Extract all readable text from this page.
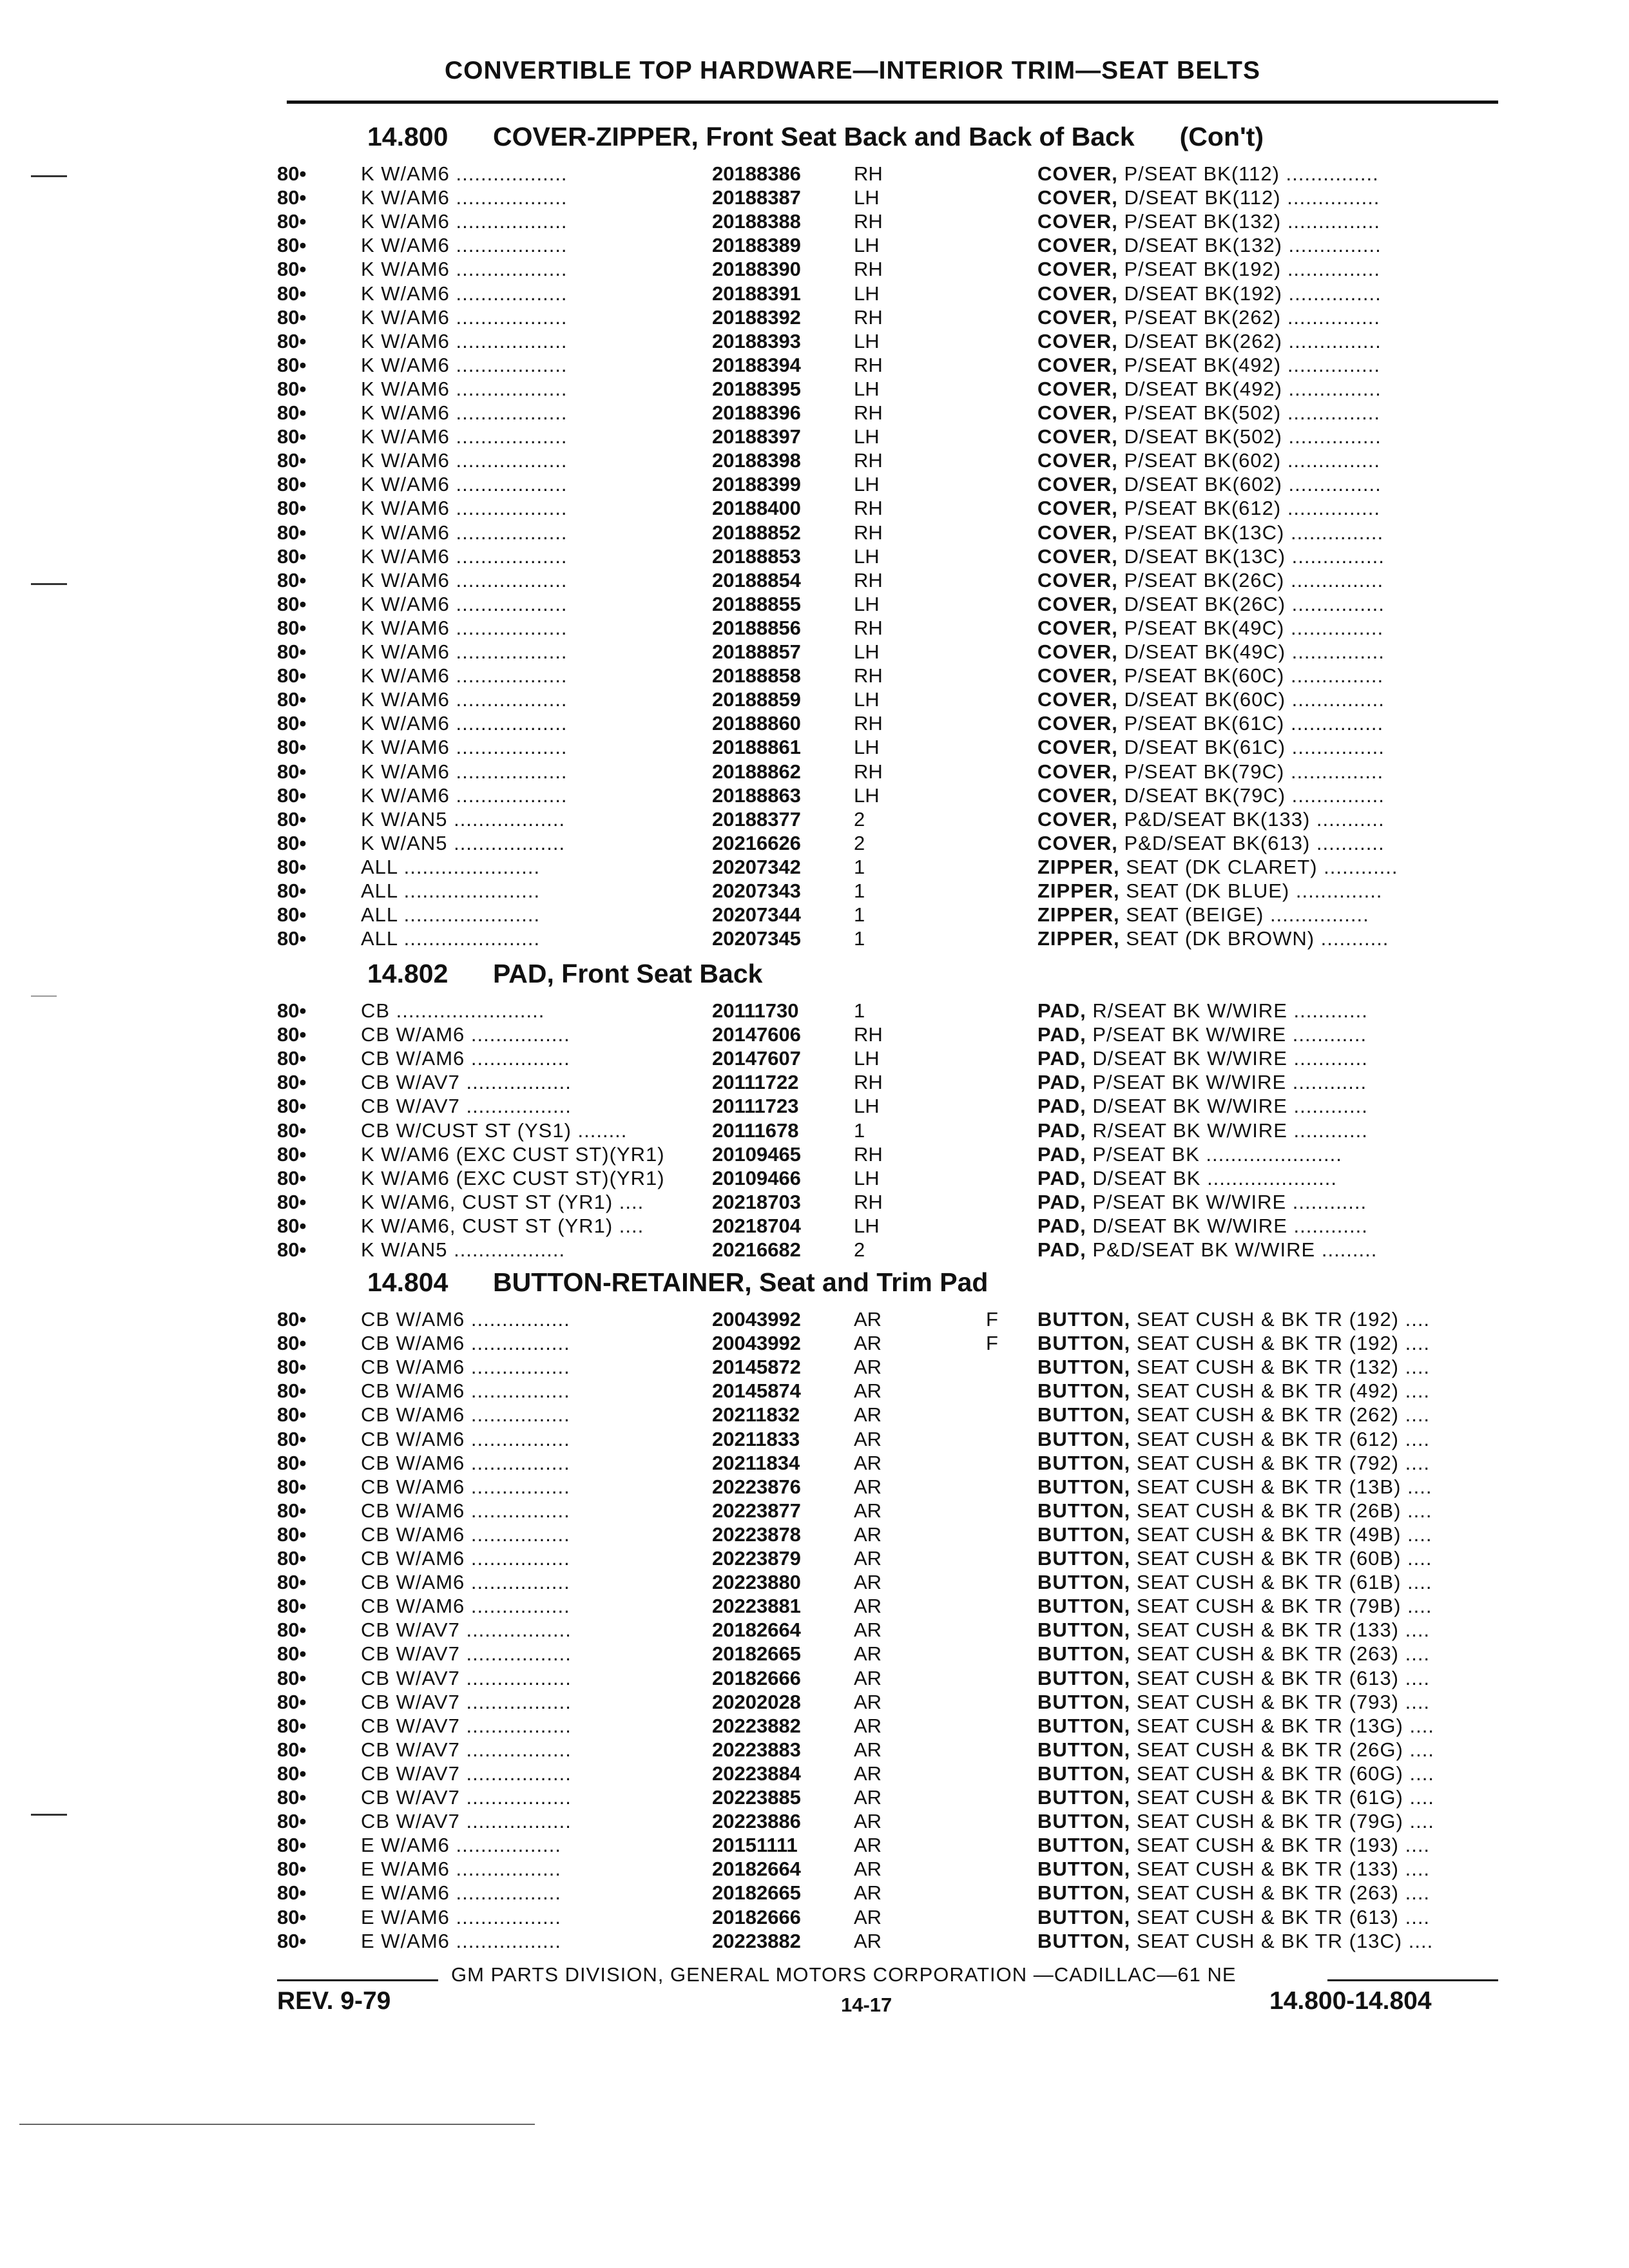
CONVERTIBLE TOP HARDWARE—INTERIOR TRIM—SEAT BELTS
14.800	COVER-ZIPPER, Front Seat Back and Back of Back (Con't)
80•	K W/AM6 ..................	20188386	RH	COVER, P/SEAT BK(112) ...............
80•	K W/AM6 ..................	20188387	LH	COVER, D/SEAT BK(112) ...............
80•	K W/AM6 ..................	20188388	RH	COVER, P/SEAT BK(132) ...............
80•	K W/AM6 ..................	20188389	LH	COVER, D/SEAT BK(132) ...............
80•	K W/AM6 ..................	20188390	RH	COVER, P/SEAT BK(192) ...............
80•	K W/AM6 ..................	20188391	LH	COVER, D/SEAT BK(192) ...............
80•	K W/AM6 ..................	20188392	RH	COVER, P/SEAT BK(262) ...............
80•	K W/AM6 ..................	20188393	LH	COVER, D/SEAT BK(262) ...............
80•	K W/AM6 ..................	20188394	RH	COVER, P/SEAT BK(492) ...............
80•	K W/AM6 ..................	20188395	LH	COVER, D/SEAT BK(492) ...............
80•	K W/AM6 ..................	20188396	RH	COVER, P/SEAT BK(502) ...............
80•	K W/AM6 ..................	20188397	LH	COVER, D/SEAT BK(502) ...............
80•	K W/AM6 ..................	20188398	RH	COVER, P/SEAT BK(602) ...............
80•	K W/AM6 ..................	20188399	LH	COVER, D/SEAT BK(602) ...............
80•	K W/AM6 ..................	20188400	RH	COVER, P/SEAT BK(612) ...............
80•	K W/AM6 ..................	20188852	RH	COVER, P/SEAT BK(13C) ...............
80•	K W/AM6 ..................	20188853	LH	COVER, D/SEAT BK(13C) ...............
80•	K W/AM6 ..................	20188854	RH	COVER, P/SEAT BK(26C) ...............
80•	K W/AM6 ..................	20188855	LH	COVER, D/SEAT BK(26C) ...............
80•	K W/AM6 ..................	20188856	RH	COVER, P/SEAT BK(49C) ...............
80•	K W/AM6 ..................	20188857	LH	COVER, D/SEAT BK(49C) ...............
80•	K W/AM6 ..................	20188858	RH	COVER, P/SEAT BK(60C) ...............
80•	K W/AM6 ..................	20188859	LH	COVER, D/SEAT BK(60C) ...............
80•	K W/AM6 ..................	20188860	RH	COVER, P/SEAT BK(61C) ...............
80•	K W/AM6 ..................	20188861	LH	COVER, D/SEAT BK(61C) ...............
80•	K W/AM6 ..................	20188862	RH	COVER, P/SEAT BK(79C) ...............
80•	K W/AM6 ..................	20188863	LH	COVER, D/SEAT BK(79C) ...............
80•	K W/AN5 ..................	20188377	2	COVER, P&D/SEAT BK(133) ...........
80•	K W/AN5 ..................	20216626	2	COVER, P&D/SEAT BK(613) ...........
80•	ALL ......................	20207342	1	ZIPPER, SEAT (DK CLARET) ............
80•	ALL ......................	20207343	1	ZIPPER, SEAT (DK BLUE) ..............
80•	ALL ......................	20207344	1	ZIPPER, SEAT (BEIGE) ................
80•	ALL ......................	20207345	1	ZIPPER, SEAT (DK BROWN) ...........
14.802	PAD, Front Seat Back
80•	CB ........................	20111730	1	PAD, R/SEAT BK W/WIRE ............
80•	CB W/AM6 ................	20147606	RH	PAD, P/SEAT BK W/WIRE ............
80•	CB W/AM6 ................	20147607	LH	PAD, D/SEAT BK W/WIRE ............
80•	CB W/AV7 .................	20111722	RH	PAD, P/SEAT BK W/WIRE ............
80•	CB W/AV7 .................	20111723	LH	PAD, D/SEAT BK W/WIRE ............
80•	CB W/CUST ST (YS1) ........	20111678	1	PAD, R/SEAT BK W/WIRE ............
80•	K W/AM6 (EXC CUST ST)(YR1)	20109465	RH	PAD, P/SEAT BK ......................
80•	K W/AM6 (EXC CUST ST)(YR1)	20109466	LH	PAD, D/SEAT BK .....................
80•	K W/AM6, CUST ST (YR1) ....	20218703	RH	PAD, P/SEAT BK W/WIRE ............
80•	K W/AM6, CUST ST (YR1) ....	20218704	LH	PAD, D/SEAT BK W/WIRE ............
80•	K W/AN5 ..................	20216682	2	PAD, P&D/SEAT BK W/WIRE .........
14.804	BUTTON-RETAINER, Seat and Trim Pad
80•	CB W/AM6 ................	20043992	AR	F BUTTON, SEAT CUSH & BK TR (192) ....
80•	CB W/AM6 ................	20043992	AR	F BUTTON, SEAT CUSH & BK TR (192) ....
80•	CB W/AM6 ................	20145872	AR	BUTTON, SEAT CUSH & BK TR (132) ....
80•	CB W/AM6 ................	20145874	AR	BUTTON, SEAT CUSH & BK TR (492) ....
80•	CB W/AM6 ................	20211832	AR	BUTTON, SEAT CUSH & BK TR (262) ....
80•	CB W/AM6 ................	20211833	AR	BUTTON, SEAT CUSH & BK TR (612) ....
80•	CB W/AM6 ................	20211834	AR	BUTTON, SEAT CUSH & BK TR (792) ....
80•	CB W/AM6 ................	20223876	AR	BUTTON, SEAT CUSH & BK TR (13B) ....
80•	CB W/AM6 ................	20223877	AR	BUTTON, SEAT CUSH & BK TR (26B) ....
80•	CB W/AM6 ................	20223878	AR	BUTTON, SEAT CUSH & BK TR (49B) ....
80•	CB W/AM6 ................	20223879	AR	BUTTON, SEAT CUSH & BK TR (60B) ....
80•	CB W/AM6 ................	20223880	AR	BUTTON, SEAT CUSH & BK TR (61B) ....
80•	CB W/AM6 ................	20223881	AR	BUTTON, SEAT CUSH & BK TR (79B) ....
80•	CB W/AV7 .................	20182664	AR	BUTTON, SEAT CUSH & BK TR (133) ....
80•	CB W/AV7 .................	20182665	AR	BUTTON, SEAT CUSH & BK TR (263) ....
80•	CB W/AV7 .................	20182666	AR	BUTTON, SEAT CUSH & BK TR (613) ....
80•	CB W/AV7 .................	20202028	AR	BUTTON, SEAT CUSH & BK TR (793) ....
80•	CB W/AV7 .................	20223882	AR	BUTTON, SEAT CUSH & BK TR (13G) ....
80•	CB W/AV7 .................	20223883	AR	BUTTON, SEAT CUSH & BK TR (26G) ....
80•	CB W/AV7 .................	20223884	AR	BUTTON, SEAT CUSH & BK TR (60G) ....
80•	CB W/AV7 .................	20223885	AR	BUTTON, SEAT CUSH & BK TR (61G) ....
80•	CB W/AV7 .................	20223886	AR	BUTTON, SEAT CUSH & BK TR (79G) ....
80•	E W/AM6 .................	20151111	AR	BUTTON, SEAT CUSH & BK TR (193) ....
80•	E W/AM6 .................	20182664	AR	BUTTON, SEAT CUSH & BK TR (133) ....
80•	E W/AM6 .................	20182665	AR	BUTTON, SEAT CUSH & BK TR (263) ....
80•	E W/AM6 .................	20182666	AR	BUTTON, SEAT CUSH & BK TR (613) ....
80•	E W/AM6 .................	20223882	AR	BUTTON, SEAT CUSH & BK TR (13C) ....
GM PARTS DIVISION, GENERAL MOTORS CORPORATION —CADILLAC—61 NE
REV. 9-79	14-17	14.800-14.804
